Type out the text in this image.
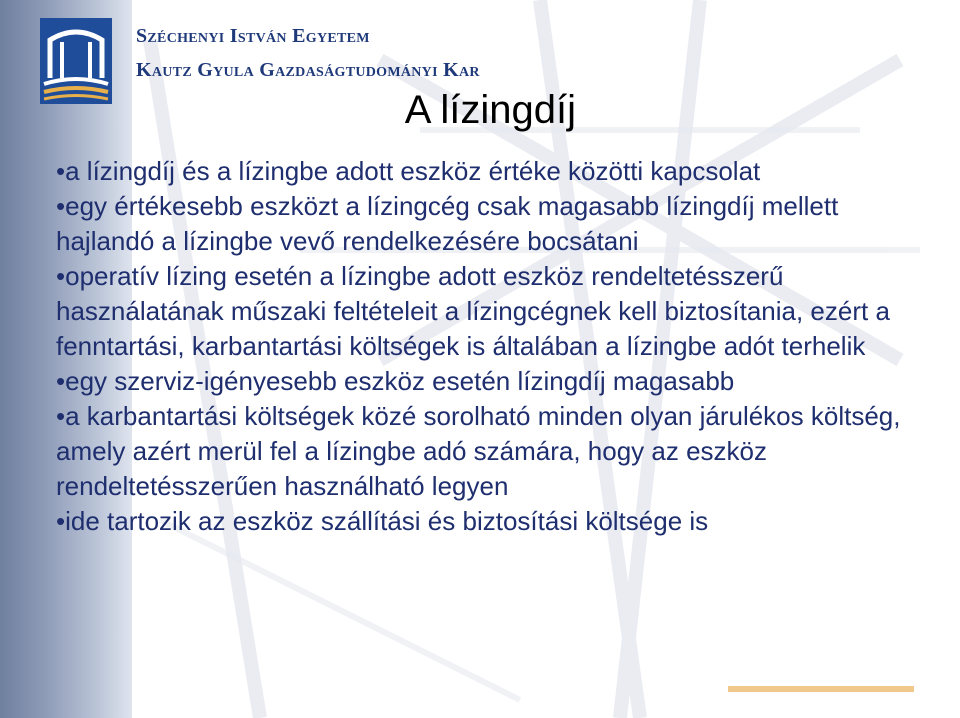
Széchenyi István Egyetem
Kautz Gyula Gazdaságtudományi Kar
A lízingdíj
•a lízingdíj és a lízingbe adott eszköz értéke közötti kapcsolat
•egy értékesebb eszközt a lízingcég csak magasabb lízingdíj mellett hajlandó a lízingbe vevő rendelkezésére bocsátani
•operatív lízing esetén a lízingbe adott eszköz rendeltetésszerű használatának műszaki feltételeit a lízingcégnek kell biztosítania, ezért a fenntartási, karbantartási költségek is általában a lízingbe adót terhelik
•egy szerviz-igényesebb eszköz esetén lízingdíj magasabb
•a karbantartási költségek közé sorolható minden olyan járulékos költség, amely azért merül fel a lízingbe adó számára, hogy az eszköz rendeltetésszerűen használható legyen
•ide tartozik az eszköz szállítási és biztosítási költsége is
